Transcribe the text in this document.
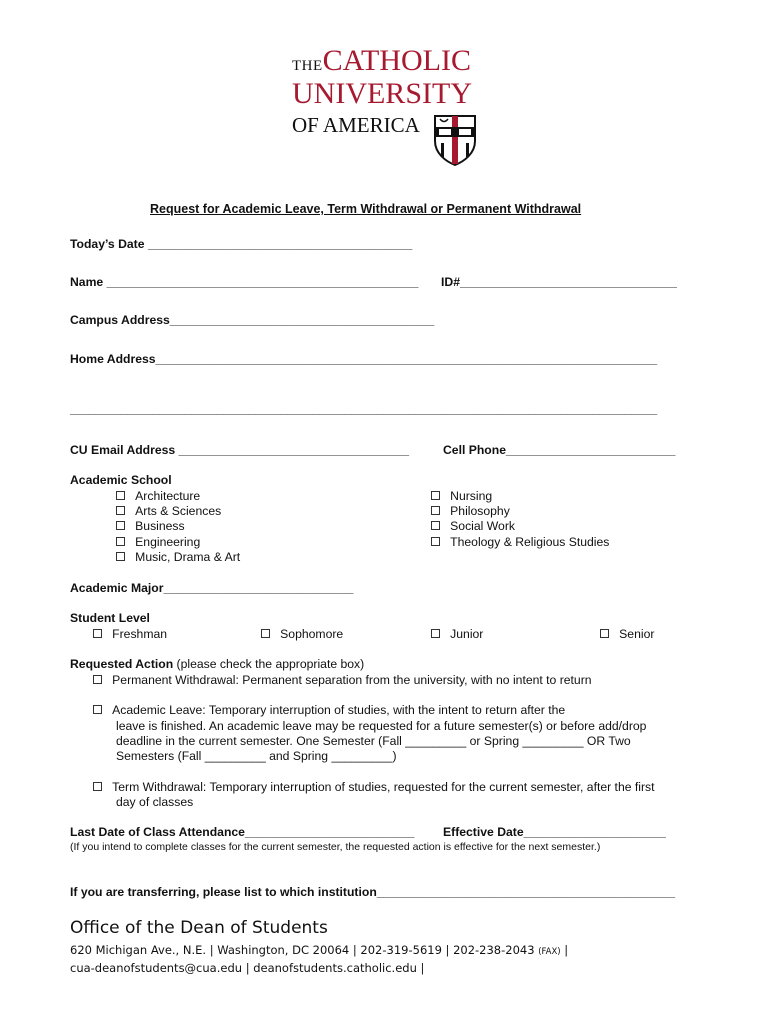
THECATHOLIC
UNIVERSITY
OF AMERICA
Request for Academic Leave, Term Withdrawal or Permanent Withdrawal
Today’s Date _______________________________________
Name ______________________________________________ ID#________________________________
Campus Address_______________________________________
Home Address__________________________________________________________________________
____________________________________________________________________________________________
CU Email Address __________________________________	Cell Phone_________________________
Academic School
Architecture
Arts & Sciences
Business
Engineering
Music, Drama & Art
Nursing
Philosophy
Social Work
Theology & Religious Studies
Academic Major____________________________
Student Level
Freshman	Sophomore	Junior	Senior
Requested Action (please check the appropriate box)
Permanent Withdrawal: Permanent separation from the university, with no intent to return
Academic Leave: Temporary interruption of studies, with the intent to return after the
leave is finished. An academic leave may be requested for a future semester(s) or before add/drop
deadline in the current semester. One Semester (Fall _________ or Spring _________ OR Two
Semesters (Fall _________ and Spring _________)
Term Withdrawal: Temporary interruption of studies, requested for the current semester, after the first
day of classes
Last Date of Class Attendance_________________________ Effective Date_____________________
(If you intend to complete classes for the current semester, the requested action is effective for the next semester.)
If you are transferring, please list to which institution____________________________________________
Office of the Dean of Students
620 Michigan Ave., N.E. | Washington, DC 20064 | 202-319-5619 | 202-238-2043 (FAX) |
cua-deanofstudents@cua.edu | deanofstudents.catholic.edu |
